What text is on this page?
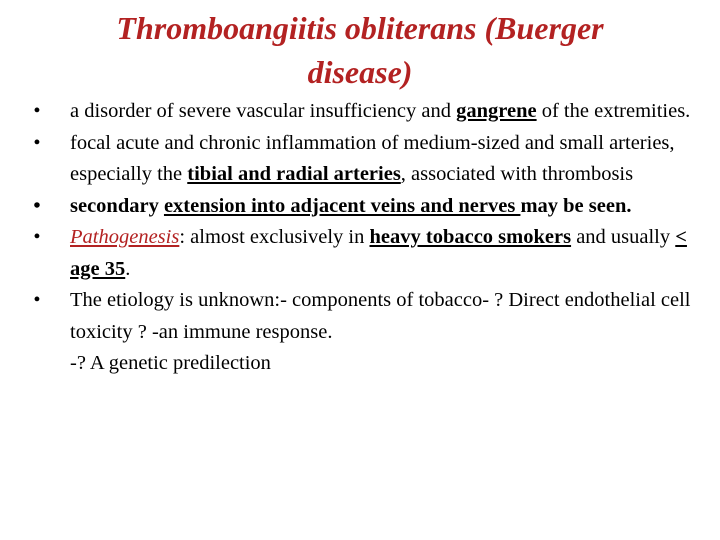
Thromboangiitis obliterans (Buerger
disease)
• a disorder of severe vascular insufficiency and gangrene of the extremities.
• focal acute and chronic inflammation of medium-sized and small arteries, especially the tibial and radial arteries, associated with thrombosis
• secondary extension into adjacent veins and nerves may be seen.
• Pathogenesis: almost exclusively in heavy tobacco smokers and usually < age 35.
• The etiology is unknown:- components of tobacco- ? Direct endothelial cell toxicity ? -an immune response.
-? A genetic predilection
